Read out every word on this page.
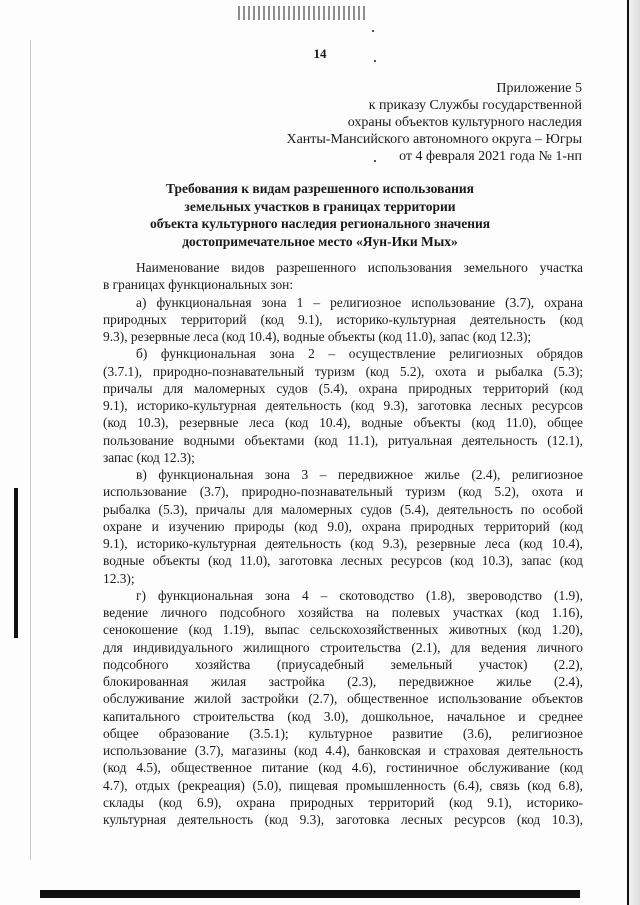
14
Приложение 5
к приказу Службы государственной
охраны объектов культурного наследия
Ханты-Мансийского автономного округа – Югры
от 4 февраля 2021 года № 1-нп
Требования к видам разрешенного использования
земельных участков в границах территории
объекта культурного наследия регионального значения
достопримечательное место «Яун-Ики Мых»
Наименование видов разрешенного использования земельного участка
в границах функциональных зон:
а) функциональная зона 1 – религиозное использование (3.7), охрана
природных территорий (код 9.1), историко-культурная деятельность (код
9.3), резервные леса (код 10.4), водные объекты (код 11.0), запас (код 12.3);
б) функциональная зона 2 – осуществление религиозных обрядов
(3.7.1), природно-познавательный туризм (код 5.2), охота и рыбалка (5.3);
причалы для маломерных судов (5.4), охрана природных территорий (код
9.1), историко-культурная деятельность (код 9.3), заготовка лесных ресурсов
(код 10.3), резервные леса (код 10.4), водные объекты (код 11.0), общее
пользование водными объектами (код 11.1), ритуальная деятельность (12.1),
запас (код 12.3);
в) функциональная зона 3 – передвижное жилье (2.4), религиозное
использование (3.7), природно-познавательный туризм (код 5.2), охота и
рыбалка (5.3), причалы для маломерных судов (5.4), деятельность по особой
охране и изучению природы (код 9.0), охрана природных территорий (код
9.1), историко-культурная деятельность (код 9.3), резервные леса (код 10.4),
водные объекты (код 11.0), заготовка лесных ресурсов (код 10.3), запас (код
12.3);
г) функциональная зона 4 – скотоводство (1.8), звероводство (1.9),
ведение личного подсобного хозяйства на полевых участках (код 1.16),
сенокошение (код 1.19), выпас сельскохозяйственных животных (код 1.20),
для индивидуального жилищного строительства (2.1), для ведения личного
подсобного хозяйства (приусадебный земельный участок) (2.2),
блокированная жилая застройка (2.3), передвижное жилье (2.4),
обслуживание жилой застройки (2.7), общественное использование объектов
капитального строительства (код 3.0), дошкольное, начальное и среднее
общее образование (3.5.1); культурное развитие (3.6), религиозное
использование (3.7), магазины (код 4.4), банковская и страховая деятельность
(код 4.5), общественное питание (код 4.6), гостиничное обслуживание (код
4.7), отдых (рекреация) (5.0), пищевая промышленность (6.4), связь (код 6.8),
склады (код 6.9), охрана природных территорий (код 9.1), историко-
культурная деятельность (код 9.3), заготовка лесных ресурсов (код 10.3),
